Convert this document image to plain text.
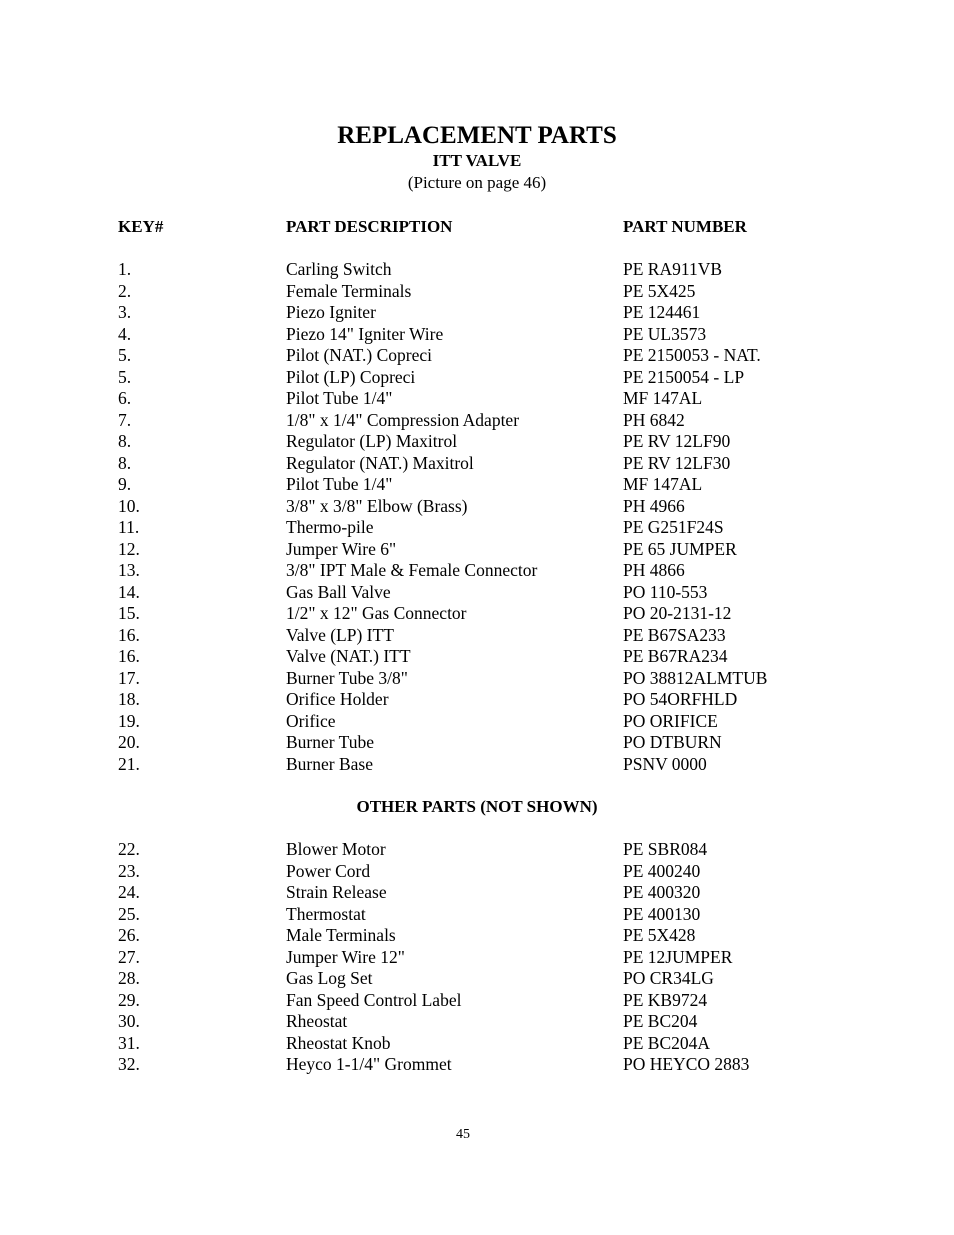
REPLACEMENT PARTS
ITT VALVE
(Picture on page 46)
KEY#	PART DESCRIPTION	PART NUMBER
1.	Carling Switch	PE RA911VB
2.	Female Terminals	PE 5X425
3.	Piezo Igniter	PE 124461
4.	Piezo 14" Igniter Wire	PE UL3573
5.	Pilot (NAT.) Copreci	PE 2150053 - NAT.
5.	Pilot (LP) Copreci	PE 2150054 - LP
6.	Pilot Tube 1/4"	MF 147AL
7.	1/8" x 1/4" Compression Adapter	PH 6842
8.	Regulator (LP) Maxitrol	PE RV 12LF90
8.	Regulator (NAT.) Maxitrol	PE RV 12LF30
9.	Pilot Tube 1/4"	MF 147AL
10.	3/8" x 3/8" Elbow (Brass)	PH 4966
11.	Thermo-pile	PE G251F24S
12.	Jumper Wire 6"	PE 65 JUMPER
13.	3/8" IPT Male & Female Connector	PH 4866
14.	Gas Ball Valve	PO 110-553
15.	1/2" x 12" Gas Connector	PO 20-2131-12
16.	Valve (LP) ITT	PE B67SA233
16.	Valve (NAT.) ITT	PE B67RA234
17.	Burner Tube 3/8"	PO 38812ALMTUB
18.	Orifice Holder	PO 54ORFHLD
19.	Orifice	PO ORIFICE
20.	Burner Tube	PO DTBURN
21.	Burner Base	PSNV 0000
OTHER PARTS (NOT SHOWN)
22.	Blower Motor	PE SBR084
23.	Power Cord	PE 400240
24.	Strain Release	PE 400320
25.	Thermostat	PE 400130
26.	Male Terminals	PE 5X428
27.	Jumper Wire 12"	PE 12JUMPER
28.	Gas Log Set	PO CR34LG
29.	Fan Speed Control Label	PE KB9724
30.	Rheostat	PE BC204
31.	Rheostat Knob	PE BC204A
32.	Heyco 1-1/4" Grommet	PO HEYCO 2883
45
